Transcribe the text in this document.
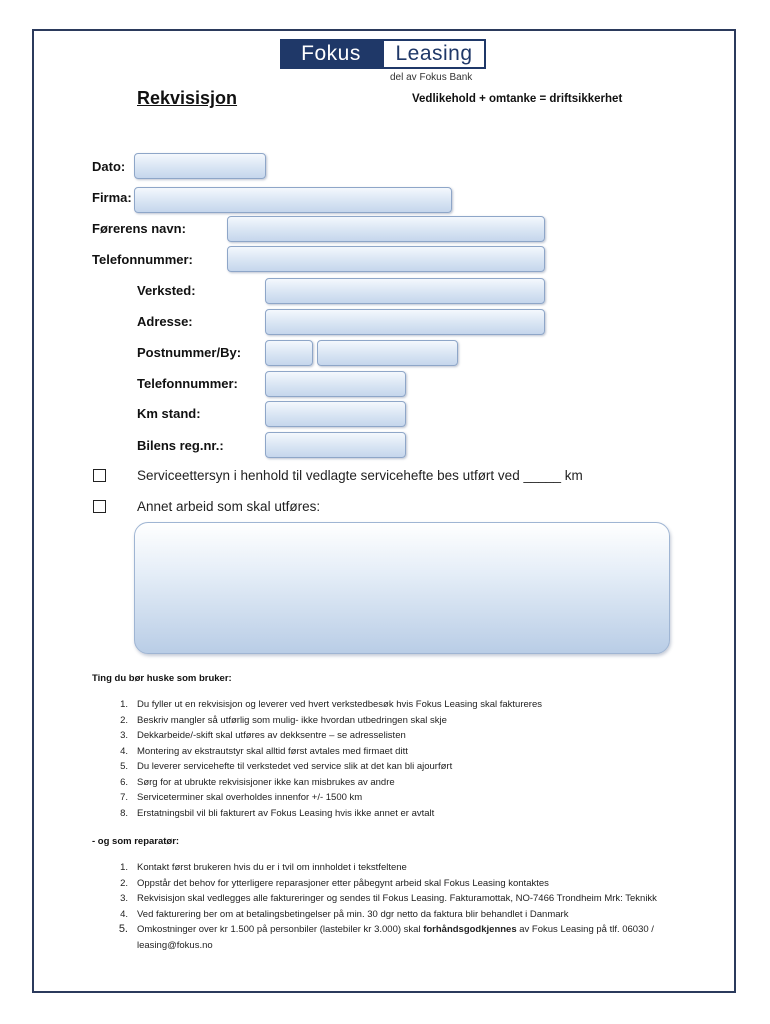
Fokus	Leasing
del av Fokus Bank
Rekvisisjon	Vedlikehold + omtanke = driftsikkerhet
Dato:
Firma:
Førerens navn:
Telefonnummer:
Verksted:
Adresse:
Postnummer/By:
Telefonnummer:
Km stand:
Bilens reg.nr.:
Serviceettersyn i henhold til vedlagte servicehefte bes utført ved _____ km
Annet arbeid som skal utføres:
Ting du bør huske som bruker:
1. Du fyller ut en rekvisisjon og leverer ved hvert verkstedbesøk hvis Fokus Leasing skal faktureres
2. Beskriv mangler så utførlig som mulig- ikke hvordan utbedringen skal skje
3. Dekkarbeide/-skift skal utføres av dekksentre – se adresselisten
4. Montering av ekstrautstyr skal alltid først avtales med firmaet ditt
5. Du leverer servicehefte til verkstedet ved service slik at det kan bli ajourført
6. Sørg for at ubrukte rekvisisjoner ikke kan misbrukes av andre
7. Serviceterminer skal overholdes innenfor +/- 1500 km
8. Erstatningsbil vil bli fakturert av Fokus Leasing hvis ikke annet er avtalt
- og som reparatør:
1. Kontakt først brukeren hvis du er i tvil om innholdet i tekstfeltene
2. Oppstår det behov for ytterligere reparasjoner etter påbegynt arbeid skal Fokus Leasing kontaktes
3. Rekvisisjon skal vedlegges alle faktureringer og sendes til Fokus Leasing. Fakturamottak, NO-7466 Trondheim Mrk: Teknikk
4. Ved fakturering ber om at betalingsbetingelser på min. 30 dgr netto da faktura blir behandlet i Danmark
5. Omkostninger over kr 1.500 på personbiler (lastebiler kr 3.000) skal forhåndsgodkjennes av Fokus Leasing på tlf. 06030 / leasing@fokus.no
